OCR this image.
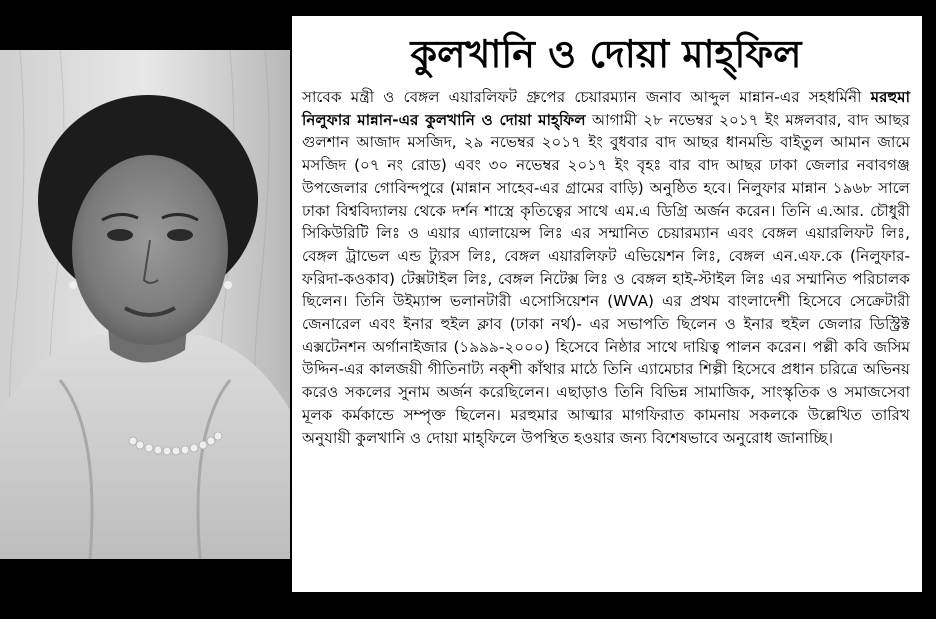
কুলখানি ও দোয়া মাহ্‌ফিল
সাবেক মন্ত্রী ও বেঙ্গল এয়ারলিফট গ্রুপের চেয়ারম্যান জনাব আব্দুল মান্নান-এর সহধর্মিনী মরহুমা নিলুফার মান্নান-এর কুলখানি ও দোয়া মাহ্‌ফিল আগামী ২৮ নভেম্বর ২০১৭ ইং মঙ্গলবার, বাদ আছর গুলশান আজাদ মসজিদ, ২৯ নভেম্বর ২০১৭ ইং বুধবার বাদ আছর ধানমন্ডি বাইতুল আমান জামে মসজিদ (০৭ নং রোড) এবং ৩০ নভেম্বর ২০১৭ ইং বৃহঃ বার বাদ আছর ঢাকা জেলার নবাবগঞ্জ উপজেলার গোবিন্দপুরে (মান্নান সাহেব-এর গ্রামের বাড়ি) অনুষ্ঠিত হবে। নিলুফার মান্নান ১৯৬৮ সালে ঢাকা বিশ্ববিদ্যালয় থেকে দর্শন শাস্ত্রে কৃতিত্বের সাথে এম.এ ডিগ্রি অর্জন করেন। তিনি এ.আর. চৌধুরী সিকিউরিটি লিঃ ও এয়ার এ্যালায়েন্স লিঃ এর সম্মানিত চেয়ারম্যান এবং বেঙ্গল এয়ারলিফট লিঃ, বেঙ্গল ট্রাভেল এন্ড ট্যুরস লিঃ, বেঙ্গল এয়ারলিফট এভিয়েশন লিঃ, বেঙ্গল এন.এফ.কে (নিলুফার-ফরিদা-কওকাব) টেক্সটাইল লিঃ, বেঙ্গল নিটেক্স লিঃ ও বেঙ্গল হাই-স্টাইল লিঃ এর সম্মানিত পরিচালক ছিলেন। তিনি উইম্যান্স ভলানটারী এসোসিয়েশন (WVA) এর প্রথম বাংলাদেশী হিসেবে সেক্রেটারী জেনারেল এবং ইনার হুইল ক্লাব (ঢাকা নর্থ)- এর সভাপতি ছিলেন ও ইনার হুইল জেলার ডিস্ট্রিক্ট এক্সটেনশন অর্গানাইজার (১৯৯৯-২০০০) হিসেবে নিষ্ঠার সাথে দায়িত্ব পালন করেন। পল্লী কবি জসিম উদ্দিন-এর কালজয়ী গীতিনাট্য নক্শী কাঁথার মাঠে তিনি এ্যামেচার শিল্পী হিসেবে প্রধান চরিত্রে অভিনয় করেও সকলের সুনাম অর্জন করেছিলেন। এছাড়াও তিনি বিভিন্ন সামাজিক, সাংস্কৃতিক ও সমাজসেবা মূলক কর্মকান্ডে সম্পৃক্ত ছিলেন। মরহুমার আত্মার মাগফিরাত কামনায় সকলকে উল্লেখিত তারিখ অনুযায়ী কুলখানি ও দোয়া মাহ্‌ফিলে উপস্থিত হওয়ার জন্য বিশেষভাবে অনুরোধ জানাচ্ছি।
